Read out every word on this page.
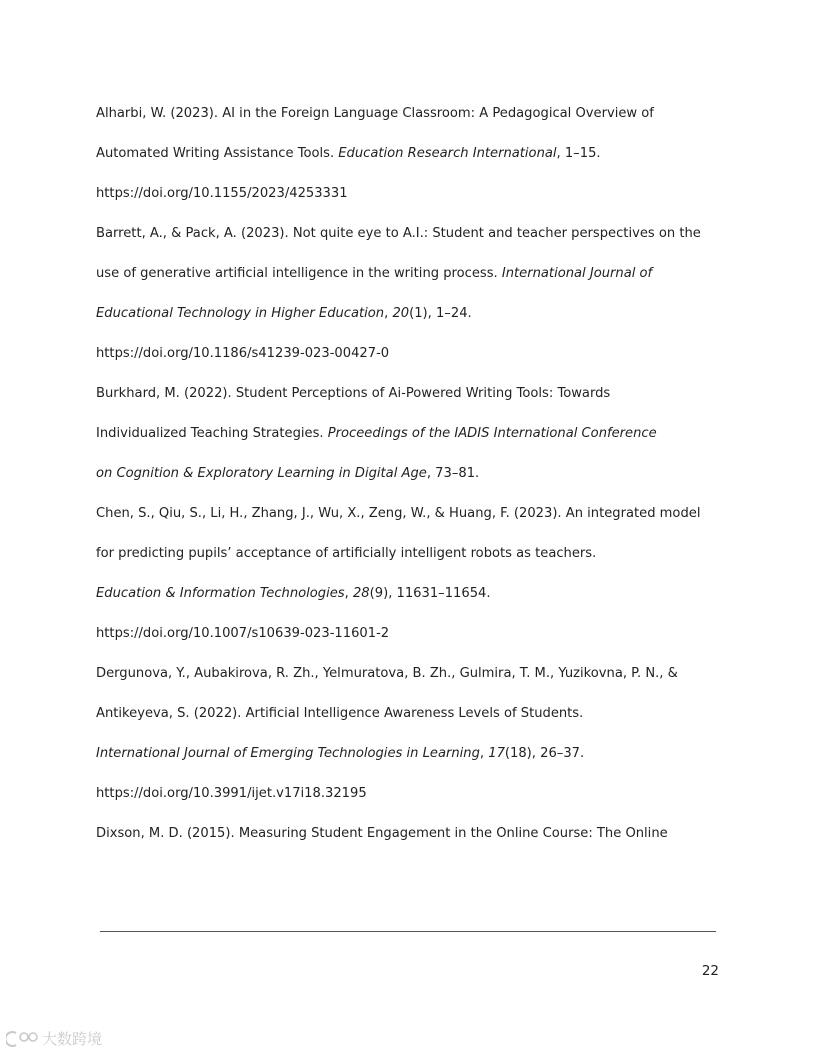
Alharbi, W. (2023). AI in the Foreign Language Classroom: A Pedagogical Overview of
Automated Writing Assistance Tools. Education Research International, 1–15.
https://doi.org/10.1155/2023/4253331

Barrett, A., & Pack, A. (2023). Not quite eye to A.I.: Student and teacher perspectives on the
use of generative artificial intelligence in the writing process. International Journal of
Educational Technology in Higher Education, 20(1), 1–24.
https://doi.org/10.1186/s41239-023-00427-0

Burkhard, M. (2022). Student Perceptions of Ai-Powered Writing Tools: Towards
Individualized Teaching Strategies. Proceedings of the IADIS International Conference
on Cognition & Exploratory Learning in Digital Age, 73–81.

Chen, S., Qiu, S., Li, H., Zhang, J., Wu, X., Zeng, W., & Huang, F. (2023). An integrated model
for predicting pupils’ acceptance of artificially intelligent robots as teachers.
Education & Information Technologies, 28(9), 11631–11654.
https://doi.org/10.1007/s10639-023-11601-2

Dergunova, Y., Aubakirova, R. Zh., Yelmuratova, B. Zh., Gulmira, T. M., Yuzikovna, P. N., &
Antikeyeva, S. (2022). Artificial Intelligence Awareness Levels of Students.
International Journal of Emerging Technologies in Learning, 17(18), 26–37.
https://doi.org/10.3991/ijet.v17i18.32195

Dixson, M. D. (2015). Measuring Student Engagement in the Online Course: The Online

22
大数跨境
